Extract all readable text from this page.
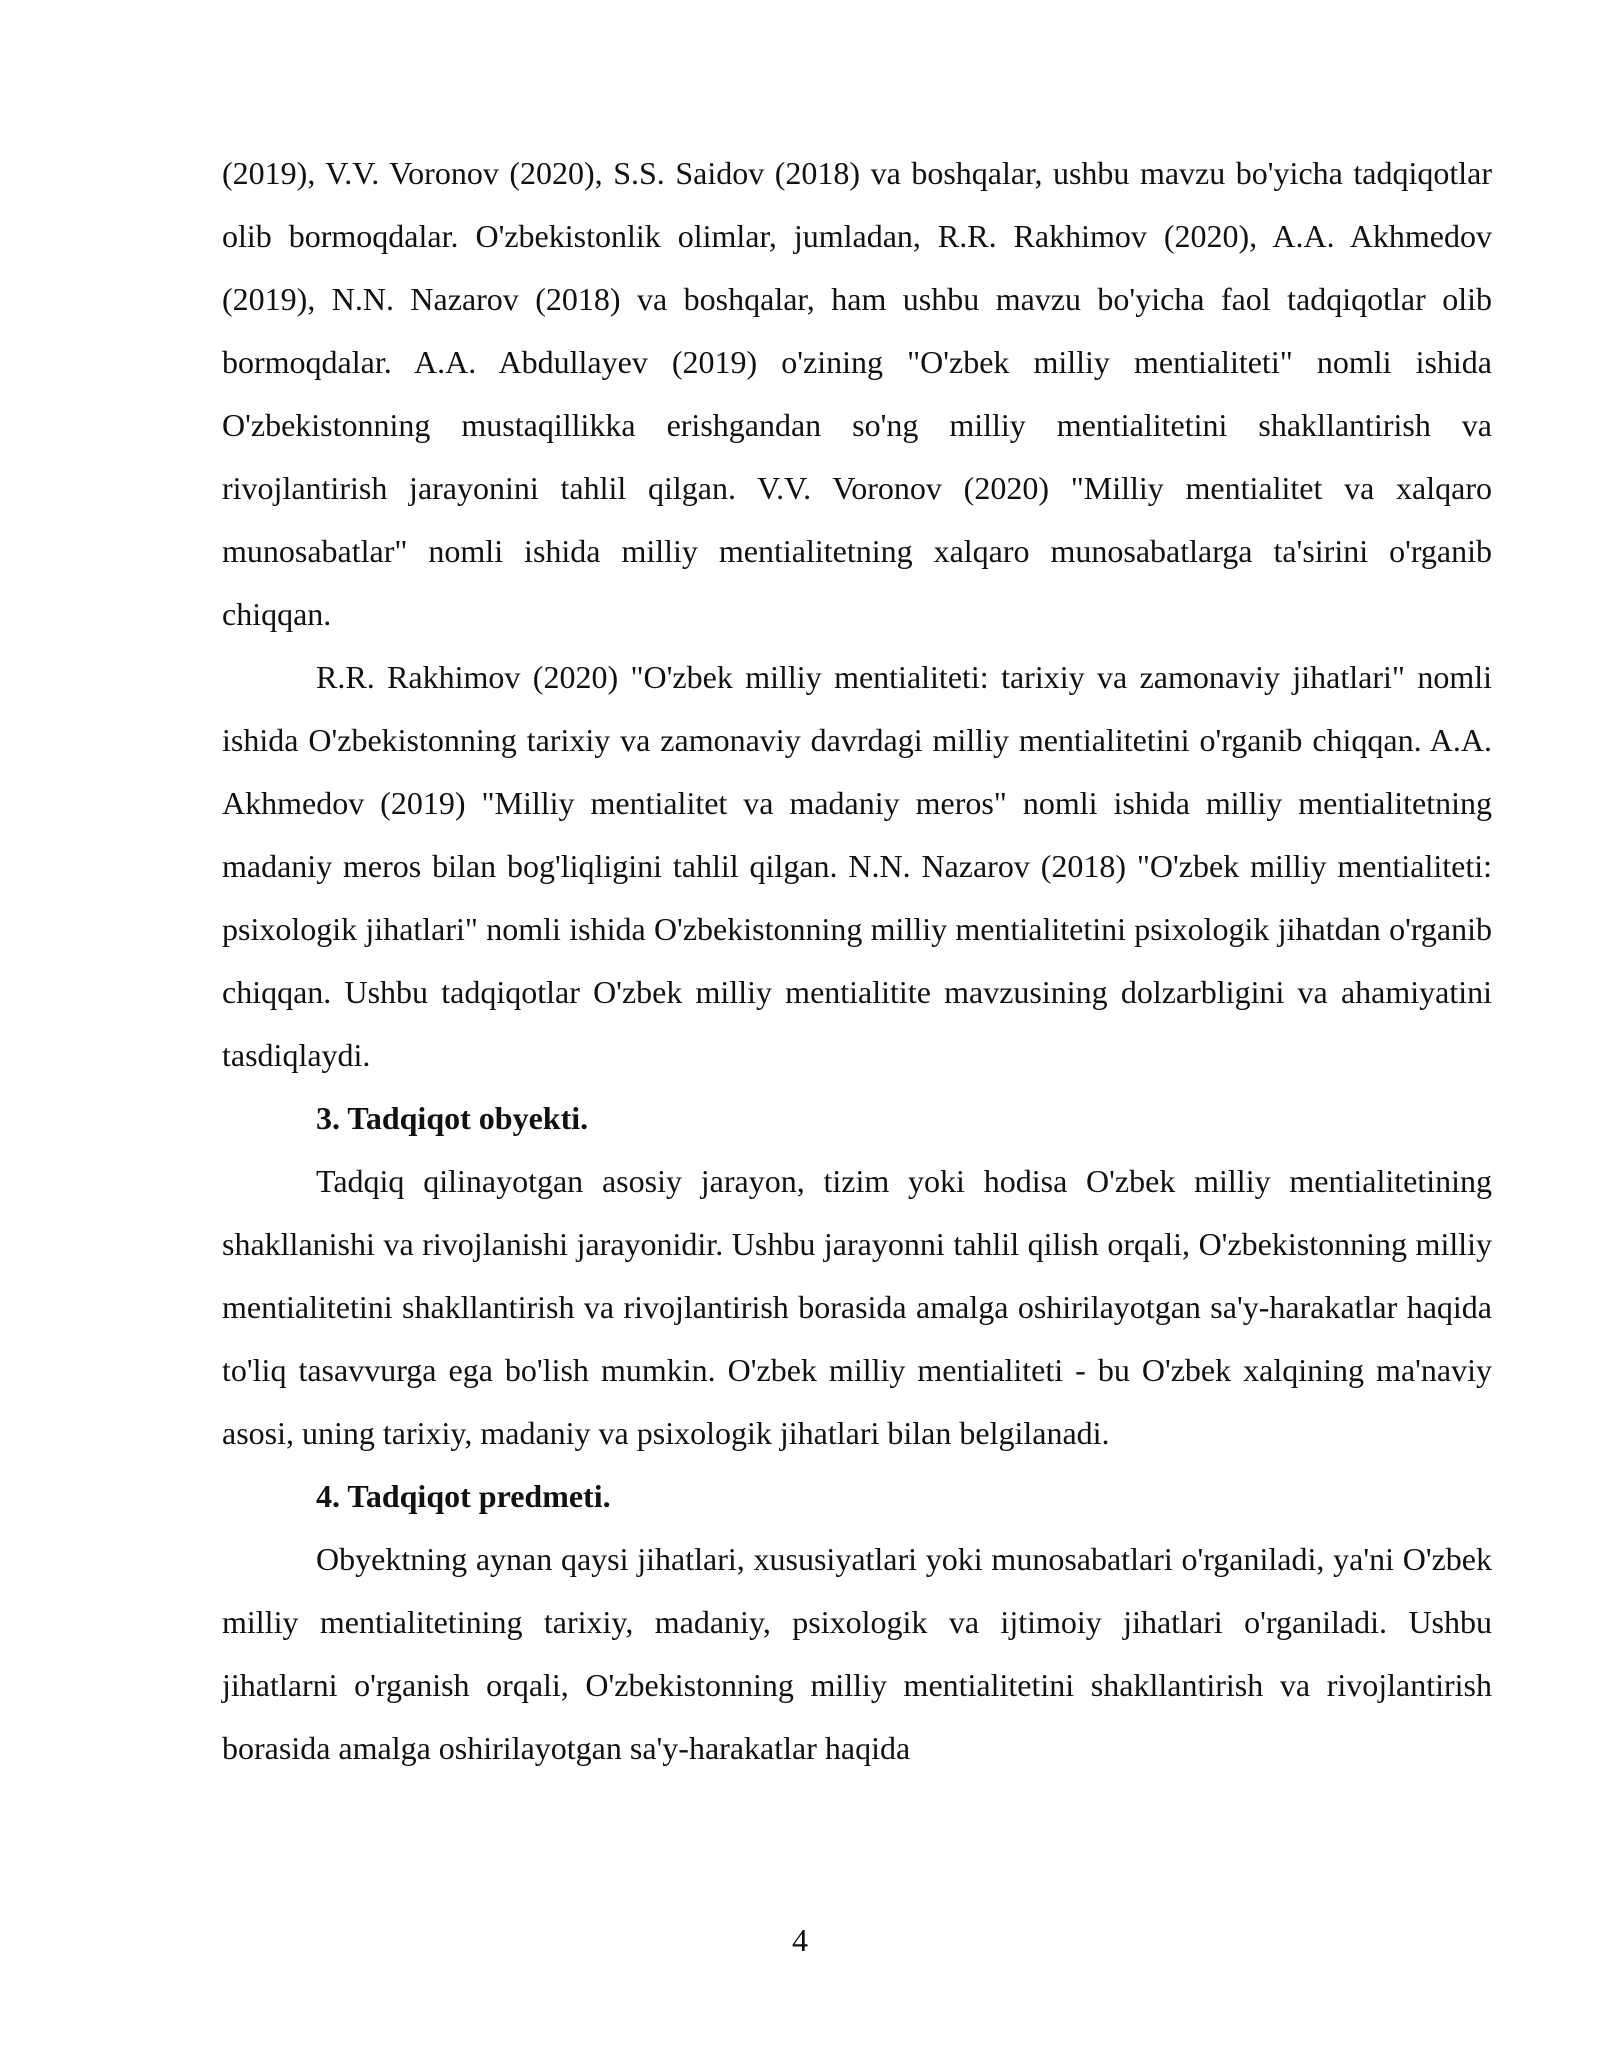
(2019), V.V. Voronov (2020), S.S. Saidov (2018) va boshqalar, ushbu mavzu bo'yicha tadqiqotlar olib bormoqdalar. O'zbekistonlik olimlar, jumladan, R.R. Rakhimov (2020), A.A. Akhmedov (2019), N.N. Nazarov (2018) va boshqalar, ham ushbu mavzu bo'yicha faol tadqiqotlar olib bormoqdalar. A.A. Abdullayev (2019) o'zining "O'zbek milliy mentialiteti" nomli ishida O'zbekistonning mustaqillikka erishgandan so'ng milliy mentialitetini shakllantirish va rivojlantirish jarayonini tahlil qilgan. V.V. Voronov (2020) "Milliy mentialitet va xalqaro munosabatlar" nomli ishida milliy mentialitetning xalqaro munosabatlarga ta'sirini o'rganib chiqqan.

R.R. Rakhimov (2020) "O'zbek milliy mentialiteti: tarixiy va zamonaviy jihatlari" nomli ishida O'zbekistonning tarixiy va zamonaviy davrdagi milliy mentialitetini o'rganib chiqqan. A.A. Akhmedov (2019) "Milliy mentialitet va madaniy meros" nomli ishida milliy mentialitetning madaniy meros bilan bog'liqligini tahlil qilgan. N.N. Nazarov (2018) "O'zbek milliy mentialiteti: psixologik jihatlari" nomli ishida O'zbekistonning milliy mentialitetini psixologik jihatdan o'rganib chiqqan. Ushbu tadqiqotlar O'zbek milliy mentialitite mavzusining dolzarbligini va ahamiyatini tasdiqlaydi.

3. Tadqiqot obyekti.

Tadqiq qilinayotgan asosiy jarayon, tizim yoki hodisa O'zbek milliy mentialitetining shakllanishi va rivojlanishi jarayonidir. Ushbu jarayonni tahlil qilish orqali, O'zbekistonning milliy mentialitetini shakllantirish va rivojlantirish borasida amalga oshirilayotgan sa'y-harakatlar haqida to'liq tasavvurga ega bo'lish mumkin. O'zbek milliy mentialiteti - bu O'zbek xalqining ma'naviy asosi, uning tarixiy, madaniy va psixologik jihatlari bilan belgilanadi.

4. Tadqiqot predmeti.

Obyektning aynan qaysi jihatlari, xususiyatlari yoki munosabatlari o'rganiladi, ya'ni O'zbek milliy mentialitetining tarixiy, madaniy, psixologik va ijtimoiy jihatlari o'rganiladi. Ushbu jihatlarni o'rganish orqali, O'zbekistonning milliy mentialitetini shakllantirish va rivojlantirish borasida amalga oshirilayotgan sa'y-harakatlar haqida

4
